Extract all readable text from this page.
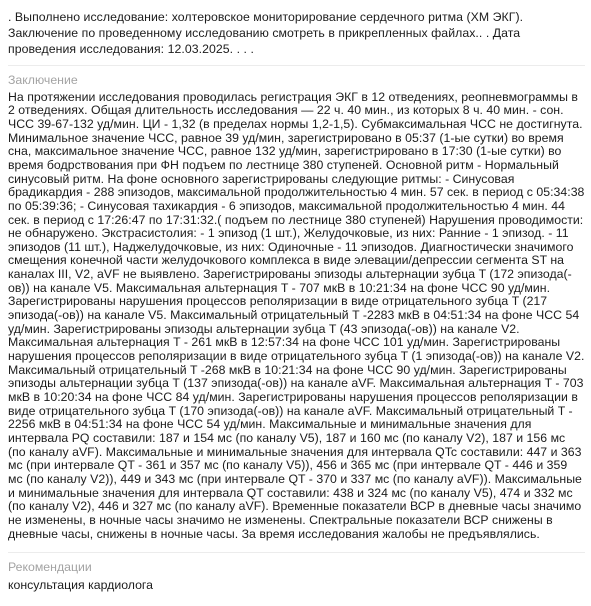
. Выполнено исследование: холтеровское мониторирование сердечного ритма (ХМ ЭКГ). Заключение по проведенному исследованию смотреть в прикрепленных файлах.. . Дата проведения исследования: 12.03.2025. . . .

Заключение

На протяжении исследования проводилась регистрация ЭКГ в 12 отведениях, реопневмограммы в 2 отведениях. Общая длительность исследования — 22 ч. 40 мин., из которых 8 ч. 40 мин. - сон. ЧСС 39-67-132 уд/мин. ЦИ - 1,32 (в пределах нормы 1,2-1,5). Субмаксимальная ЧСС не достигнута. Минимальное значение ЧСС, равное 39 уд/мин, зарегистрировано в 05:37 (1-ые сутки) во время сна, максимальное значение ЧСС, равное 132 уд/мин, зарегистрировано в 17:30 (1-ые сутки) во время бодрствования при ФН подъем по лестнице 380 ступеней. Основной ритм - Нормальный синусовый ритм. На фоне основного зарегистрированы следующие ритмы: - Синусовая брадикардия - 288 эпизодов, максимальной продолжительностью 4 мин. 57 сек. в период с 05:34:38 по 05:39:36; - Синусовая тахикардия - 6 эпизодов, максимальной продолжительностью 4 мин. 44 сек. в период с 17:26:47 по 17:31:32.( подъем по лестнице 380 ступеней) Нарушения проводимости: не обнаружено. Экстрасистолия: - 1 эпизод (1 шт.), Желудочковые, из них: Ранние - 1 эпизод. - 11 эпизодов (11 шт.), Наджелудочковые, из них: Одиночные - 11 эпизодов. Диагностически значимого смещения конечной части желудочкового комплекса в виде элевации/депрессии сегмента ST на каналах III, V2, aVF не выявлено. Зарегистрированы эпизоды альтернации зубца T (172 эпизода(-ов)) на канале V5. Максимальная альтернация T - 707 мкВ в 10:21:34 на фоне ЧСС 90 уд/мин. Зарегистрированы нарушения процессов реполяризации в виде отрицательного зубца T (217 эпизода(-ов)) на канале V5. Максимальный отрицательный T -2283 мкВ в 04:51:34 на фоне ЧСС 54 уд/мин. Зарегистрированы эпизоды альтернации зубца T (43 эпизода(-ов)) на канале V2. Максимальная альтернация T - 261 мкВ в 12:57:34 на фоне ЧСС 101 уд/мин. Зарегистрированы нарушения процессов реполяризации в виде отрицательного зубца T (1 эпизода(-ов)) на канале V2. Максимальный отрицательный T -268 мкВ в 10:21:34 на фоне ЧСС 90 уд/мин. Зарегистрированы эпизоды альтернации зубца T (137 эпизода(-ов)) на канале aVF. Максимальная альтернация T - 703 мкВ в 10:20:34 на фоне ЧСС 84 уд/мин. Зарегистрированы нарушения процессов реполяризации в виде отрицательного зубца T (170 эпизода(-ов)) на канале aVF. Максимальный отрицательный T - 2256 мкВ в 04:51:34 на фоне ЧСС 54 уд/мин. Максимальные и минимальные значения для интервала PQ составили: 187 и 154 мс (по каналу V5), 187 и 160 мс (по каналу V2), 187 и 156 мс (по каналу aVF). Максимальные и минимальные значения для интервала QTc составили: 447 и 363 мс (при интервале QT - 361 и 357 мс (по каналу V5)), 456 и 365 мс (при интервале QT - 446 и 359 мс (по каналу V2)), 449 и 343 мс (при интервале QT - 370 и 337 мс (по каналу aVF)). Максимальные и минимальные значения для интервала QT составили: 438 и 324 мс (по каналу V5), 474 и 332 мс (по каналу V2), 446 и 327 мс (по каналу aVF). Временные показатели ВСР в дневные часы значимо не изменены, в ночные часы значимо не изменены. Спектральные показатели ВСР снижены в дневные часы, снижены в ночные часы. За время исследования жалобы не предъявлялись.

Рекомендации

консультация кардиолога
